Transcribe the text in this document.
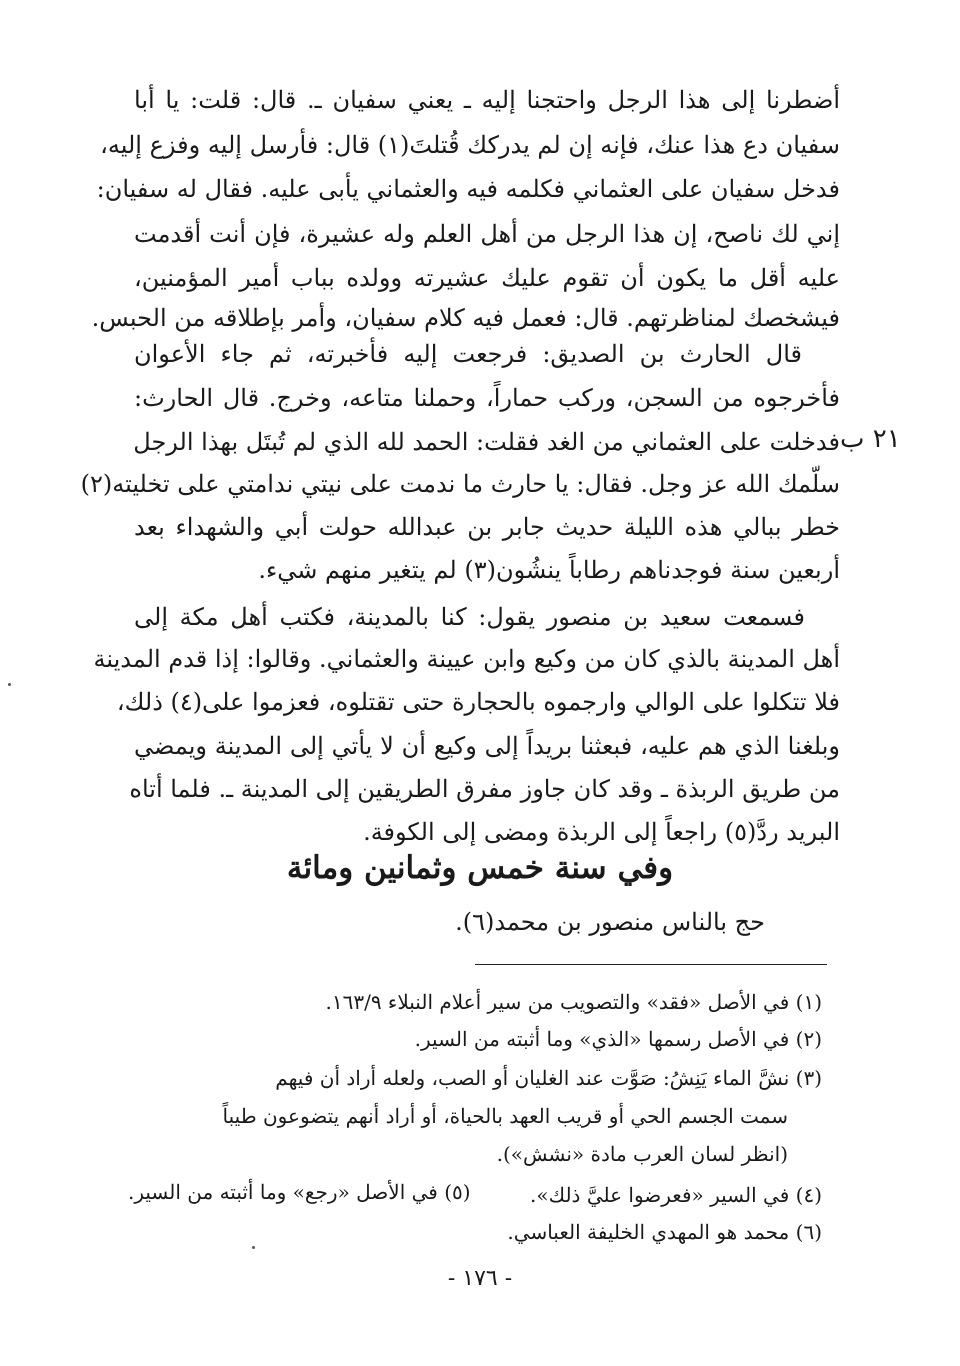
أضطرنا إلى هذا الرجل واحتجنا إليه ـ يعني سفيان ـ. قال: قلت: يا أبا
سفيان دع هذا عنك، فإنه إن لم يدركك قُتلتَ(١) قال: فأرسل إليه وفزع إليه،
فدخل سفيان على العثماني فكلمه فيه والعثماني يأبى عليه. فقال له سفيان:
إني لك ناصح، إن هذا الرجل من أهل العلم وله عشيرة، فإن أنت أقدمت
عليه أقل ما يكون أن تقوم عليك عشيرته وولده بباب أمير المؤمنين،
فيشخصك لمناظرتهم. قال: فعمل فيه كلام سفيان، وأمر بإطلاقه من الحبس.
قال الحارث بن الصديق: فرجعت إليه فأخبرته، ثم جاء الأعوان
فأخرجوه من السجن، وركب حماراً، وحملنا متاعه، وخرج. قال الحارث:
فدخلت على العثماني من الغد فقلت: الحمد لله الذي لم تُبتَل بهذا الرجل
سلّمك الله عز وجل. فقال: يا حارث ما ندمت على نيتي ندامتي على تخليته(٢)
خطر ببالي هذه الليلة حديث جابر بن عبدالله حولت أبي والشهداء بعد
أربعين سنة فوجدناهم رطاباً ينشُون(٣) لم يتغير منهم شيء.
فسمعت سعيد بن منصور يقول: كنا بالمدينة، فكتب أهل مكة إلى
أهل المدينة بالذي كان من وكيع وابن عيينة والعثماني. وقالوا: إذا قدم المدينة
فلا تتكلوا على الوالي وارجموه بالحجارة حتى تقتلوه، فعزموا على(٤) ذلك،
وبلغنا الذي هم عليه، فبعثنا بريداً إلى وكيع أن لا يأتي إلى المدينة ويمضي
من طريق الربذة ـ وقد كان جاوز مفرق الطريقين إلى المدينة ـ. فلما أتاه
البريد ردَّ(٥) راجعاً إلى الربذة ومضى إلى الكوفة.
٢١ ب
وفي سنة خمس وثمانين ومائة
حج بالناس منصور بن محمد(٦).
(١) في الأصل «فقد» والتصويب من سير أعلام النبلاء ١٦٣/٩.
(٢) في الأصل رسمها «الذي» وما أثبته من السير.
(٣) نشَّ الماء يَنِشُ: صَوَّت عند الغليان أو الصب، ولعله أراد أن فيهم
سمت الجسم الحي أو قريب العهد بالحياة، أو أراد أنهم يتضوعون طيباً
(انظر لسان العرب مادة «نشش»).
(٤) في السير «فعرضوا عليَّ ذلك».
(٥) في الأصل «رجع» وما أثبته من السير.
(٦) محمد هو المهدي الخليفة العباسي.
- ١٧٦ -
